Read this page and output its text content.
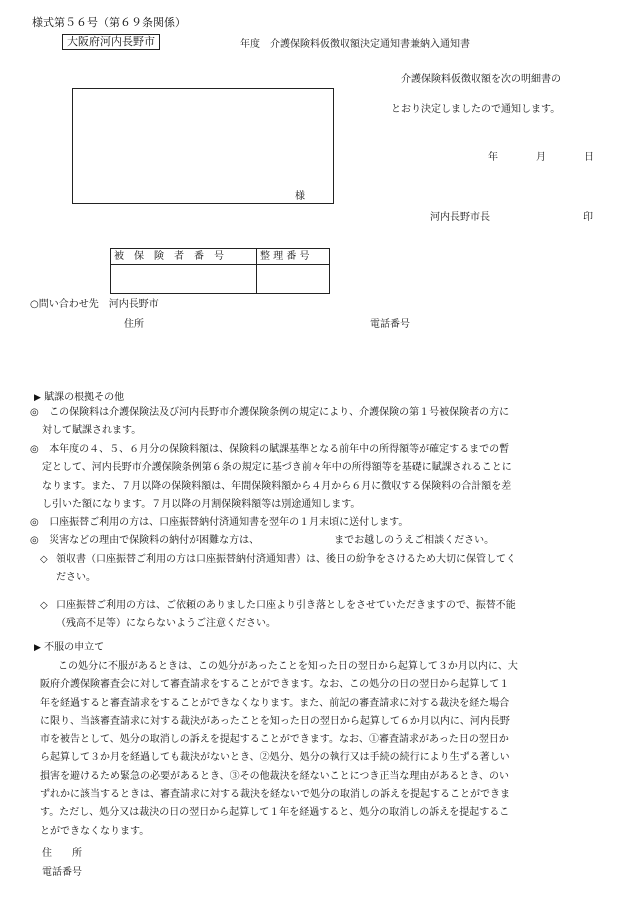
様式第５６号（第６９条関係）
大阪府河内長野市	年度　介護保険料仮徴収額決定通知書兼納入通知書
介護保険料仮徴収額を次の明細書の
とおり決定しましたので通知します。
年	月	日
河内長野市長	印
様
被　保　険　者　番　号	整 理 番 号

○問い合わせ先　河内長野市
住所	電話番号
▶ 賦課の根拠その他
◎ この保険料は介護保険法及び河内長野市介護保険条例の規定により、介護保険の第１号被保険者の方に
対して賦課されます。
◎ 本年度の４、５、６月分の保険料額は、保険料の賦課基準となる前年中の所得額等が確定するまでの暫
定として、河内長野市介護保険条例第６条の規定に基づき前々年中の所得額等を基礎に賦課されることに
なります。また、７月以降の保険料額は、年間保険料額から４月から６月に徴収する保険料の合計額を差
し引いた額になります。７月以降の月割保険料額等は別途通知します。
◎ 口座振替ご利用の方は、口座振替納付済通知書を翌年の１月末頃に送付します。
◎ 災害などの理由で保険料の納付が困難な方は、　　　　　　　　までお越しのうえご相談ください。
◇ 領収書（口座振替ご利用の方は口座振替納付済通知書）は、後日の紛争をさけるため大切に保管してく
ださい。
◇ 口座振替ご利用の方は、ご依頼のありました口座より引き落としをさせていただきますので、振替不能
（残高不足等）にならないようご注意ください。
▶ 不服の申立て
この処分に不服があるときは、この処分があったことを知った日の翌日から起算して３か月以内に、大
阪府介護保険審査会に対して審査請求をすることができます。なお、この処分の日の翌日から起算して１
年を経過すると審査請求をすることができなくなります。また、前記の審査請求に対する裁決を経た場合
に限り、当該審査請求に対する裁決があったことを知った日の翌日から起算して６か月以内に、河内長野
市を被告として、処分の取消しの訴えを提起することができます。なお、①審査請求があった日の翌日か
ら起算して３か月を経過しても裁決がないとき、②処分、処分の執行又は手続の続行により生ずる著しい
損害を避けるため緊急の必要があるとき、③その他裁決を経ないことにつき正当な理由があるとき、のい
ずれかに該当するときは、審査請求に対する裁決を経ないで処分の取消しの訴えを提起することができま
す。ただし、処分又は裁決の日の翌日から起算して１年を経過すると、処分の取消しの訴えを提起するこ
とができなくなります。
住　　所
電話番号
